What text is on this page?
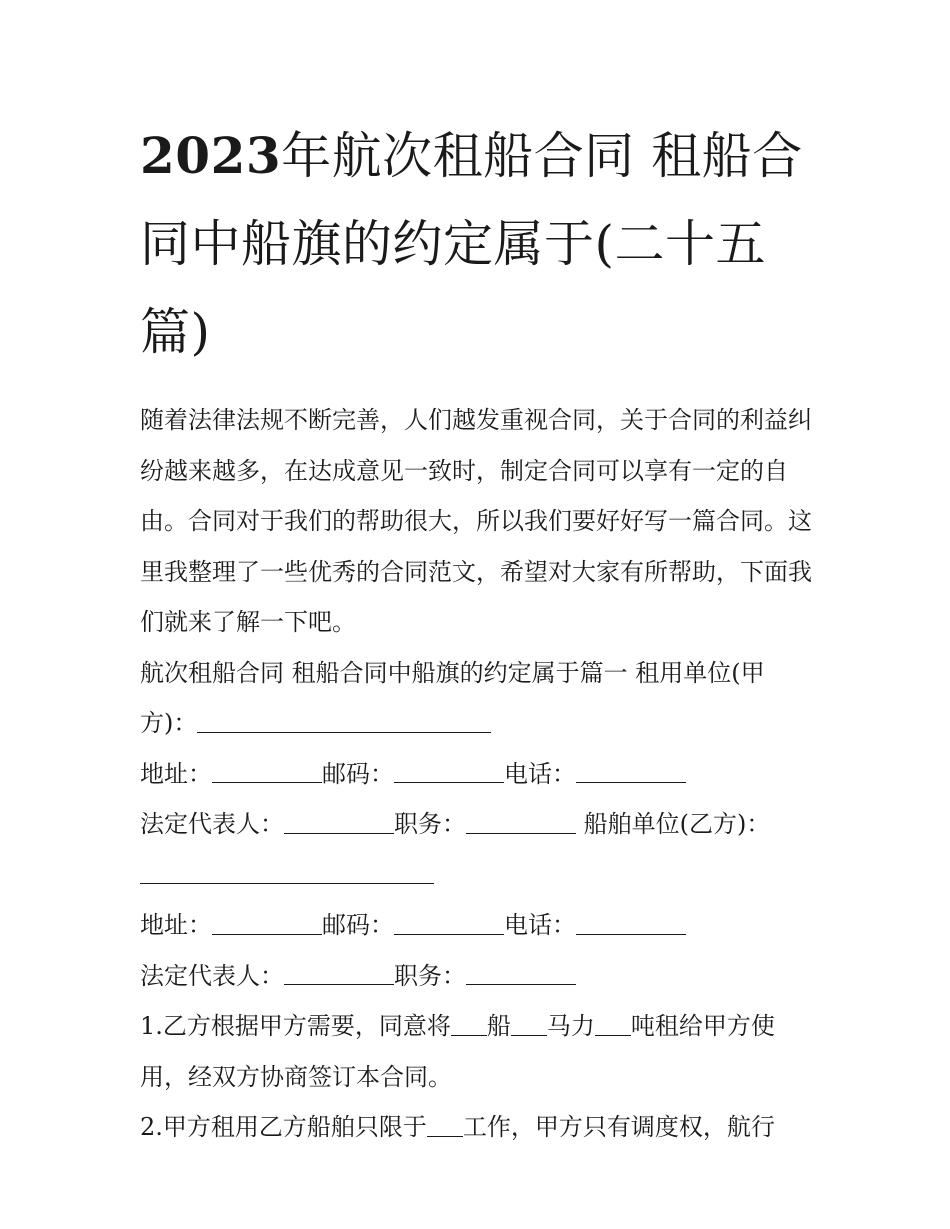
2023年航次租船合同 租船合
同中船旗的约定属于(二十五
篇)

随着法律法规不断完善，人们越发重视合同，关于合同的利益纠纷越来越多，在达成意见一致时，制定合同可以享有一定的自由。合同对于我们的帮助很大，所以我们要好好写一篇合同。这里我整理了一些优秀的合同范文，希望对大家有所帮助，下面我们就来了解一下吧。

航次租船合同 租船合同中船旗的约定属于篇一 租用单位(甲方)：

地址：	邮码：	电话：

法定代表人：	职务：	船舶单位(乙方)：

地址：	邮码：	电话：

法定代表人：	职务：

1.乙方根据甲方需要，同意将 船 马力 吨租给甲方使用，经双方协商签订本合同。

2.甲方租用乙方船舶只限于 工作，甲方只有调度权，航行
